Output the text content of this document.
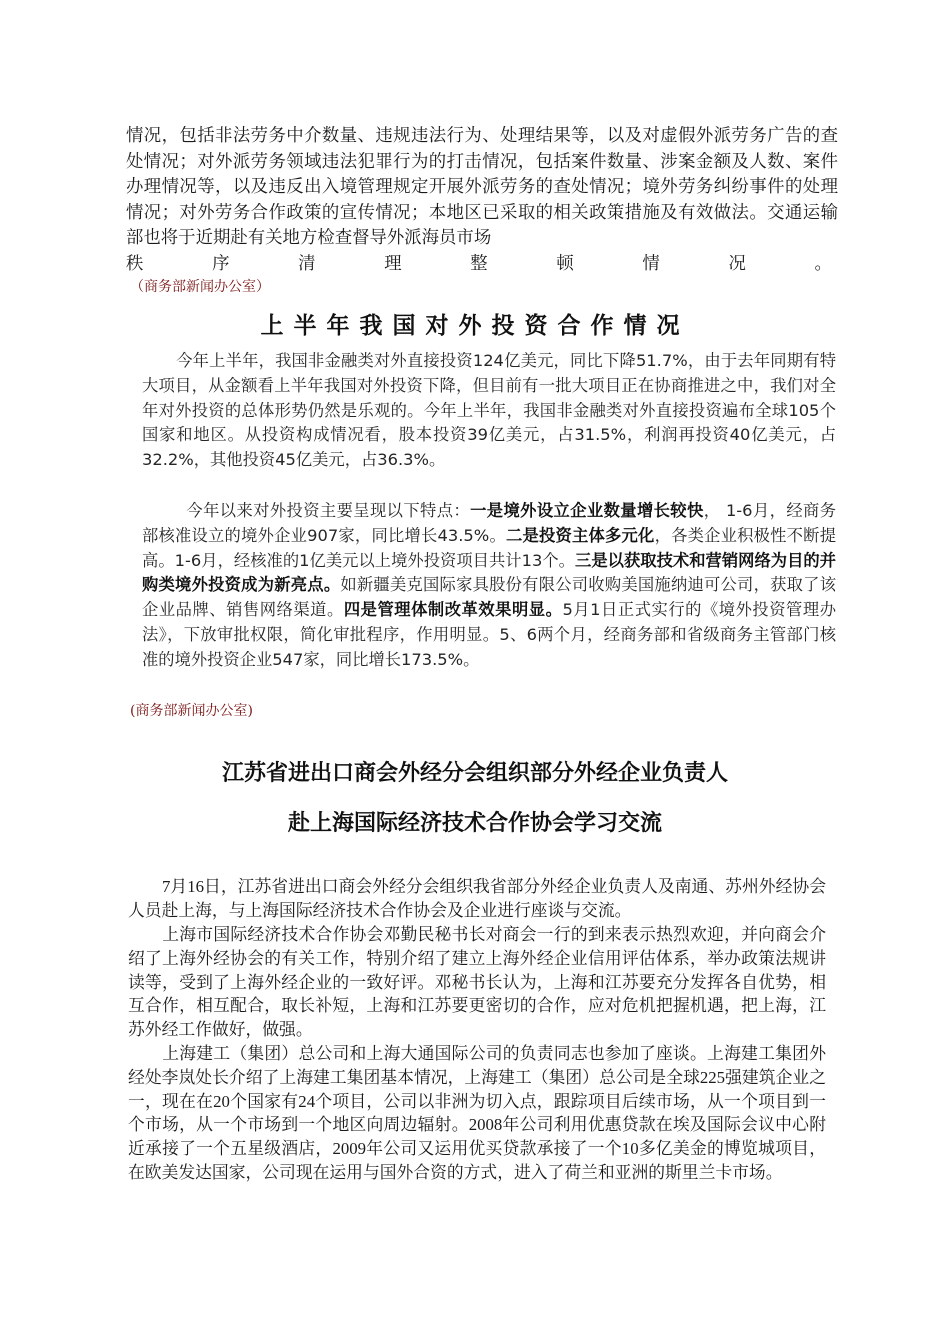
情况，包括非法劳务中介数量、违规违法行为、处理结果等，以及对虚假外派劳务广告的查处情况；对外派劳务领域违法犯罪行为的打击情况，包括案件数量、涉案金额及人数、案件办理情况等，以及违反出入境管理规定开展外派劳务的查处情况；境外劳务纠纷事件的处理情况；对外劳务合作政策的宣传情况；本地区已采取的相关政策措施及有效做法。交通运输部也将于近期赴有关地方检查督导外派海员市场

秩	序	清	理	整	顿	情	况	。

（商务部新闻办公室）

上半年我国对外投资合作情况

今年上半年，我国非金融类对外直接投资124亿美元，同比下降51.7%，由于去年同期有特大项目，从金额看上半年我国对外投资下降，但目前有一批大项目正在协商推进之中，我们对全年对外投资的总体形势仍然是乐观的。今年上半年，我国非金融类对外直接投资遍布全球105个国家和地区。从投资构成情况看，股本投资39亿美元，占31.5%，利润再投资40亿美元，占32.2%，其他投资45亿美元，占36.3%。

今年以来对外投资主要呈现以下特点：一是境外设立企业数量增长较快， 1-6月，经商务部核准设立的境外企业907家，同比增长43.5%。二是投资主体多元化，各类企业积极性不断提高。1-6月，经核准的1亿美元以上境外投资项目共计13个。三是以获取技术和营销网络为目的并购类境外投资成为新亮点。如新疆美克国际家具股份有限公司收购美国施纳迪可公司，获取了该企业品牌、销售网络渠道。四是管理体制改革效果明显。5月1日正式实行的《境外投资管理办法》，下放审批权限，简化审批程序，作用明显。5、6两个月，经商务部和省级商务主管部门核准的境外投资企业547家，同比增长173.5%。

(商务部新闻办公室)

江苏省进出口商会外经分会组织部分外经企业负责人
赴上海国际经济技术合作协会学习交流

7月16日，江苏省进出口商会外经分会组织我省部分外经企业负责人及南通、苏州外经协会人员赴上海，与上海国际经济技术合作协会及企业进行座谈与交流。

上海市国际经济技术合作协会邓勤民秘书长对商会一行的到来表示热烈欢迎，并向商会介绍了上海外经协会的有关工作，特别介绍了建立上海外经企业信用评估体系，举办政策法规讲读等，受到了上海外经企业的一致好评。邓秘书长认为，上海和江苏要充分发挥各自优势，相互合作，相互配合，取长补短，上海和江苏要更密切的合作，应对危机把握机遇，把上海，江苏外经工作做好，做强。

上海建工（集团）总公司和上海大通国际公司的负责同志也参加了座谈。上海建工集团外经处李岚处长介绍了上海建工集团基本情况，上海建工（集团）总公司是全球225强建筑企业之一，现在在20个国家有24个项目，公司以非洲为切入点，跟踪项目后续市场，从一个项目到一个市场，从一个市场到一个地区向周边辐射。2008年公司利用优惠贷款在埃及国际会议中心附近承接了一个五星级酒店，2009年公司又运用优买贷款承接了一个10多亿美金的博览城项目，在欧美发达国家，公司现在运用与国外合资的方式，进入了荷兰和亚洲的斯里兰卡市场。
